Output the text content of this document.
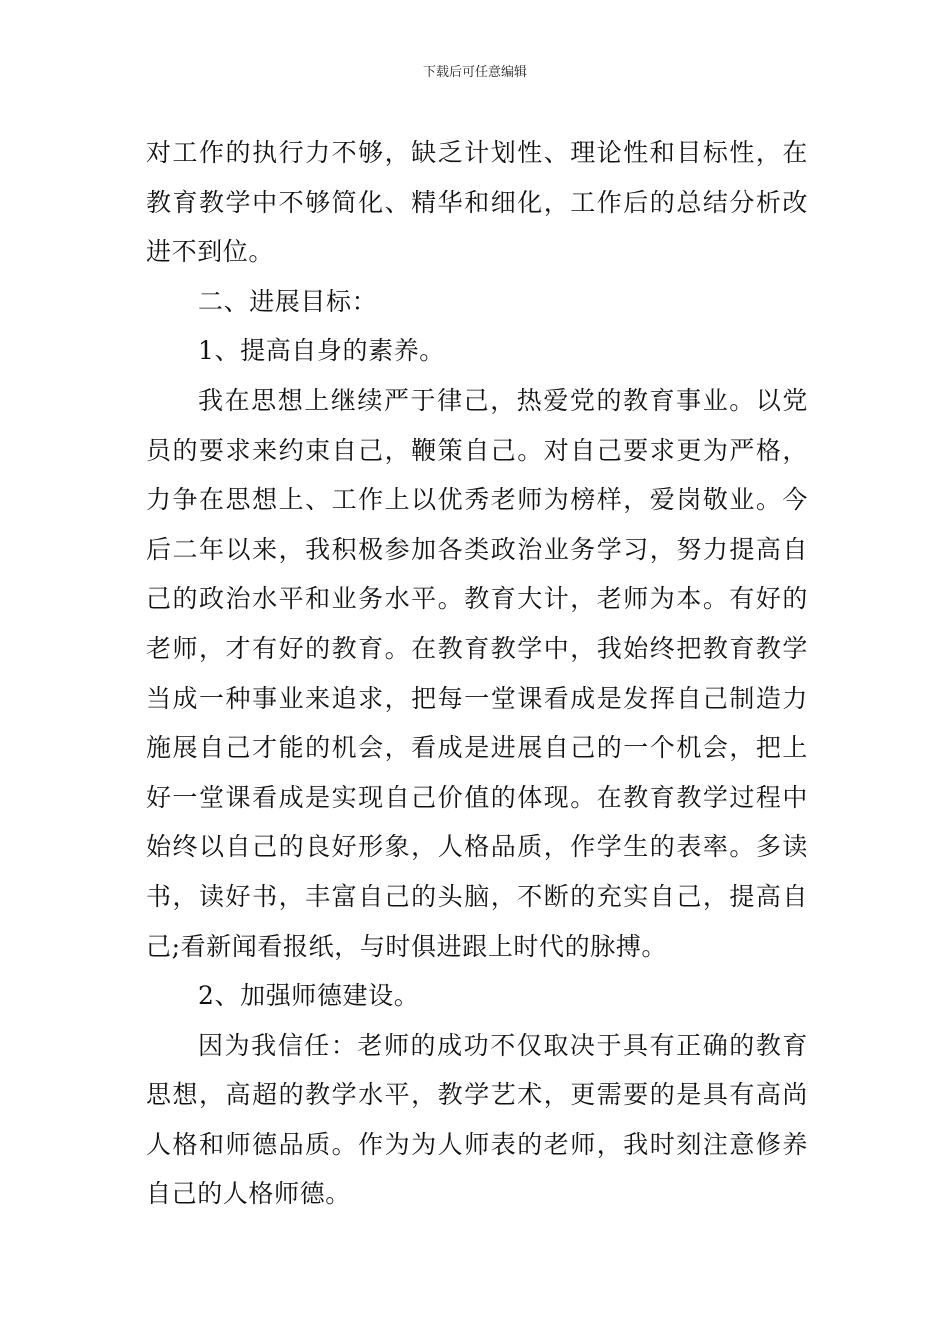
下载后可任意编辑

对工作的执行力不够，缺乏计划性、理论性和目标性，在教育教学中不够简化、精华和细化，工作后的总结分析改进不到位。

二、进展目标：

1、提高自身的素养。

我在思想上继续严于律己，热爱党的教育事业。以党员的要求来约束自己，鞭策自己。对自己要求更为严格，力争在思想上、工作上以优秀老师为榜样，爱岗敬业。今后二年以来，我积极参加各类政治业务学习，努力提高自己的政治水平和业务水平。教育大计，老师为本。有好的老师，才有好的教育。在教育教学中，我始终把教育教学当成一种事业来追求，把每一堂课看成是发挥自己制造力施展自己才能的机会，看成是进展自己的一个机会，把上好一堂课看成是实现自己价值的体现。在教育教学过程中始终以自己的良好形象，人格品质，作学生的表率。多读书，读好书，丰富自己的头脑，不断的充实自己，提高自己;看新闻看报纸，与时俱进跟上时代的脉搏。

2、加强师德建设。

因为我信任：老师的成功不仅取决于具有正确的教育思想，高超的教学水平，教学艺术，更需要的是具有高尚人格和师德品质。作为为人师表的老师，我时刻注意修养自己的人格师德。
